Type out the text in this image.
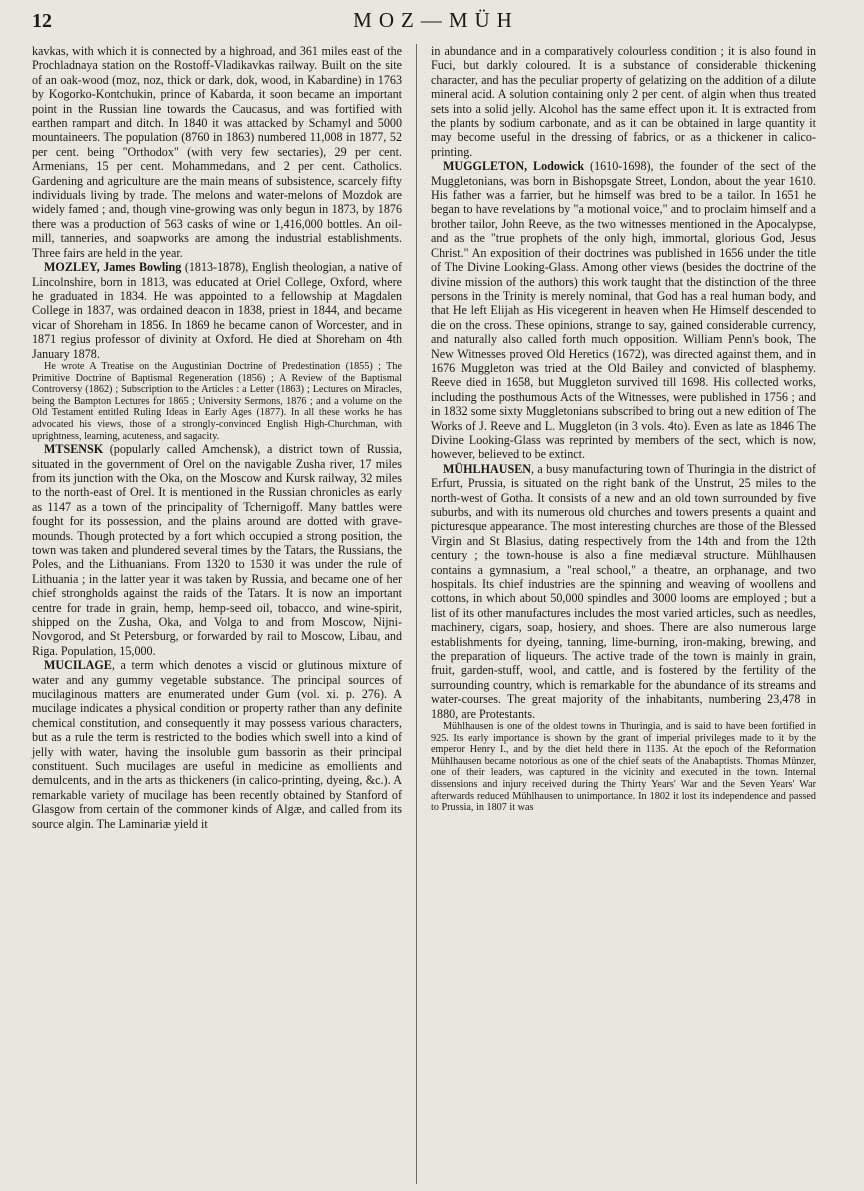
12	MOZ—MÜH

kavkas, with which it is connected by a highroad, and 361 miles east of the Prochladnaya station on the Rostoff-Vladikavkas railway. Built on the site of an oak-wood (moz, noz, thick or dark, dok, wood, in Kabardine) in 1763 by Kogorko-Kontchukin, prince of Kabarda, it soon became an important point in the Russian line towards the Caucasus, and was fortified with earthen rampart and ditch. In 1840 it was attacked by Schamyl and 5000 mountaineers. The population (8760 in 1863) numbered 11,008 in 1877, 52 per cent. being "Orthodox" (with very few sectaries), 29 per cent. Armenians, 15 per cent. Mohammedans, and 2 per cent. Catholics. Gardening and agriculture are the main means of subsistence, scarcely fifty individuals living by trade. The melons and water-melons of Mozdok are widely famed ; and, though vine-growing was only begun in 1873, by 1876 there was a production of 563 casks of wine or 1,416,000 bottles. An oil-mill, tanneries, and soapworks are among the industrial establishments. Three fairs are held in the year.

MOZLEY, James Bowling (1813-1878), English theologian, a native of Lincolnshire, born in 1813, was educated at Oriel College, Oxford, where he graduated in 1834. He was appointed to a fellowship at Magdalen College in 1837, was ordained deacon in 1838, priest in 1844, and became vicar of Shoreham in 1856. In 1869 he became canon of Worcester, and in 1871 regius professor of divinity at Oxford. He died at Shoreham on 4th January 1878.

He wrote A Treatise on the Augustinian Doctrine of Predestination (1855) ; The Primitive Doctrine of Baptismal Regeneration (1856) ; A Review of the Baptismal Controversy (1862) ; Subscription to the Articles : a Letter (1863) ; Lectures on Miracles, being the Bampton Lectures for 1865 ; University Sermons, 1876 ; and a volume on the Old Testament entitled Ruling Ideas in Early Ages (1877). In all these works he has advocated his views, those of a strongly-convinced English High-Churchman, with uprightness, learning, acuteness, and sagacity.

MTSENSK (popularly called Amchensk), a district town of Russia, situated in the government of Orel on the navigable Zusha river, 17 miles from its junction with the Oka, on the Moscow and Kursk railway, 32 miles to the north-east of Orel. It is mentioned in the Russian chronicles as early as 1147 as a town of the principality of Tchernigoff. Many battles were fought for its possession, and the plains around are dotted with grave-mounds. Though protected by a fort which occupied a strong position, the town was taken and plundered several times by the Tatars, the Russians, the Poles, and the Lithuanians. From 1320 to 1530 it was under the rule of Lithuania ; in the latter year it was taken by Russia, and became one of her chief strongholds against the raids of the Tatars. It is now an important centre for trade in grain, hemp, hemp-seed oil, tobacco, and wine-spirit, shipped on the Zusha, Oka, and Volga to and from Moscow, Nijni-Novgorod, and St Petersburg, or forwarded by rail to Moscow, Libau, and Riga. Population, 15,000.

MUCILAGE, a term which denotes a viscid or glutinous mixture of water and any gummy vegetable substance. The principal sources of mucilaginous matters are enumerated under Gum (vol. xi. p. 276). A mucilage indicates a physical condition or property rather than any definite chemical constitution, and consequently it may possess various characters, but as a rule the term is restricted to the bodies which swell into a kind of jelly with water, having the insoluble gum bassorin as their principal constituent. Such mucilages are useful in medicine as emollients and demulcents, and in the arts as thickeners (in calico-printing, dyeing, &c.). A remarkable variety of mucilage has been recently obtained by Stanford of Glasgow from certain of the commoner kinds of Algæ, and called from its source algin. The Laminariæ yield it

in abundance and in a comparatively colourless condition ; it is also found in Fuci, but darkly coloured. It is a substance of considerable thickening character, and has the peculiar property of gelatizing on the addition of a dilute mineral acid. A solution containing only 2 per cent. of algin when thus treated sets into a solid jelly. Alcohol has the same effect upon it. It is extracted from the plants by sodium carbonate, and as it can be obtained in large quantity it may become useful in the dressing of fabrics, or as a thickener in calico-printing.

MUGGLETON, Lodowick (1610-1698), the founder of the sect of the Muggletonians, was born in Bishopsgate Street, London, about the year 1610. His father was a farrier, but he himself was bred to be a tailor. In 1651 he began to have revelations by "a motional voice," and to proclaim himself and a brother tailor, John Reeve, as the two witnesses mentioned in the Apocalypse, and as the "true prophets of the only high, immortal, glorious God, Jesus Christ." An exposition of their doctrines was published in 1656 under the title of The Divine Looking-Glass. Among other views (besides the doctrine of the divine mission of the authors) this work taught that the distinction of the three persons in the Trinity is merely nominal, that God has a real human body, and that He left Elijah as His vicegerent in heaven when He Himself descended to die on the cross. These opinions, strange to say, gained considerable currency, and naturally also called forth much opposition. William Penn's book, The New Witnesses proved Old Heretics (1672), was directed against them, and in 1676 Muggleton was tried at the Old Bailey and convicted of blasphemy. Reeve died in 1658, but Muggleton survived till 1698. His collected works, including the posthumous Acts of the Witnesses, were published in 1756 ; and in 1832 some sixty Muggletonians subscribed to bring out a new edition of The Works of J. Reeve and L. Muggleton (in 3 vols. 4to). Even as late as 1846 The Divine Looking-Glass was reprinted by members of the sect, which is now, however, believed to be extinct.

MÜHLHAUSEN, a busy manufacturing town of Thuringia in the district of Erfurt, Prussia, is situated on the right bank of the Unstrut, 25 miles to the north-west of Gotha. It consists of a new and an old town surrounded by five suburbs, and with its numerous old churches and towers presents a quaint and picturesque appearance. The most interesting churches are those of the Blessed Virgin and St Blasius, dating respectively from the 14th and from the 12th century ; the town-house is also a fine mediæval structure. Mühlhausen contains a gymnasium, a "real school," a theatre, an orphanage, and two hospitals. Its chief industries are the spinning and weaving of woollens and cottons, in which about 50,000 spindles and 3000 looms are employed ; but a list of its other manufactures includes the most varied articles, such as needles, machinery, cigars, soap, hosiery, and shoes. There are also numerous large establishments for dyeing, tanning, lime-burning, iron-making, brewing, and the preparation of liqueurs. The active trade of the town is mainly in grain, fruit, garden-stuff, wool, and cattle, and is fostered by the fertility of the surrounding country, which is remarkable for the abundance of its streams and water-courses. The great majority of the inhabitants, numbering 23,478 in 1880, are Protestants.

Mühlhausen is one of the oldest towns in Thuringia, and is said to have been fortified in 925. Its early importance is shown by the grant of imperial privileges made to it by the emperor Henry I., and by the diet held there in 1135. At the epoch of the Reformation Mühlhausen became notorious as one of the chief seats of the Anabaptists. Thomas Münzer, one of their leaders, was captured in the vicinity and executed in the town. Internal dissensions and injury received during the Thirty Years' War and the Seven Years' War afterwards reduced Mühlhausen to unimportance. In 1802 it lost its independence and passed to Prussia, in 1807 it was
